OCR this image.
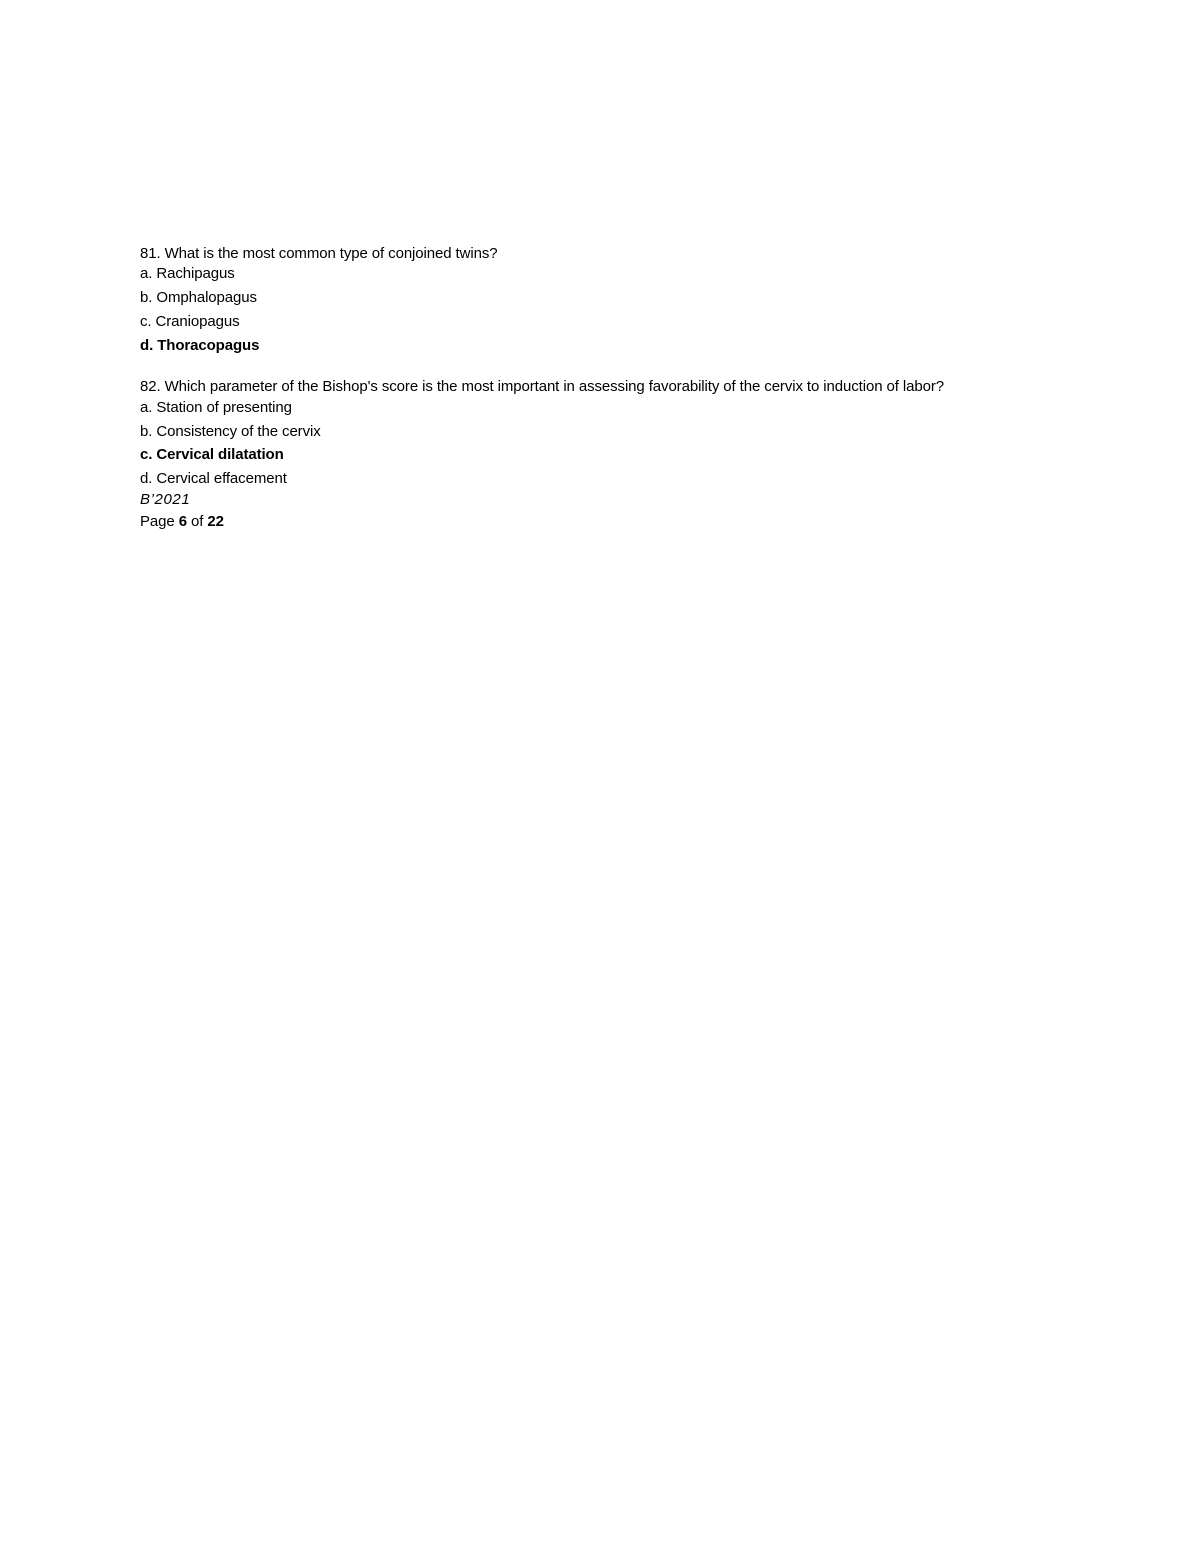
81. What is the most common type of conjoined twins?
a. Rachipagus
b. Omphalopagus
c. Craniopagus
d. Thoracopagus
82. Which parameter of the Bishop's score is the most important in assessing favorability of the cervix to induction of labor?
a. Station of presenting
b. Consistency of the cervix
c. Cervical dilatation
d. Cervical effacement
B’2021
Page 6 of 22
